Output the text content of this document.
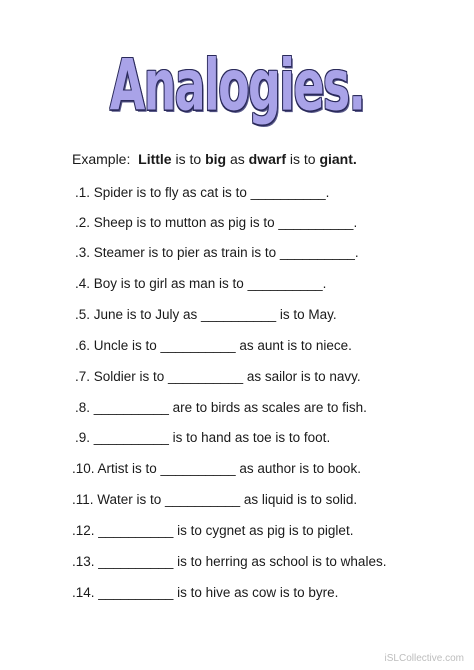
Analogies.
Example: Little is to big as dwarf is to giant.
.1. Spider is to fly as cat is to __________.
.2. Sheep is to mutton as pig is to __________.
.3. Steamer is to pier as train is to __________.
.4. Boy is to girl as man is to __________.
.5. June is to July as __________ is to May.
.6. Uncle is to __________ as aunt is to niece.
.7. Soldier is to __________ as sailor is to navy.
.8. __________ are to birds as scales are to fish.
.9. __________ is to hand as toe is to foot.
.10. Artist is to __________ as author is to book.
.11. Water is to __________ as liquid is to solid.
.12. __________ is to cygnet as pig is to piglet.
.13. __________ is to herring as school is to whales.
.14. __________ is to hive as cow is to byre.
iSLCollective.com
